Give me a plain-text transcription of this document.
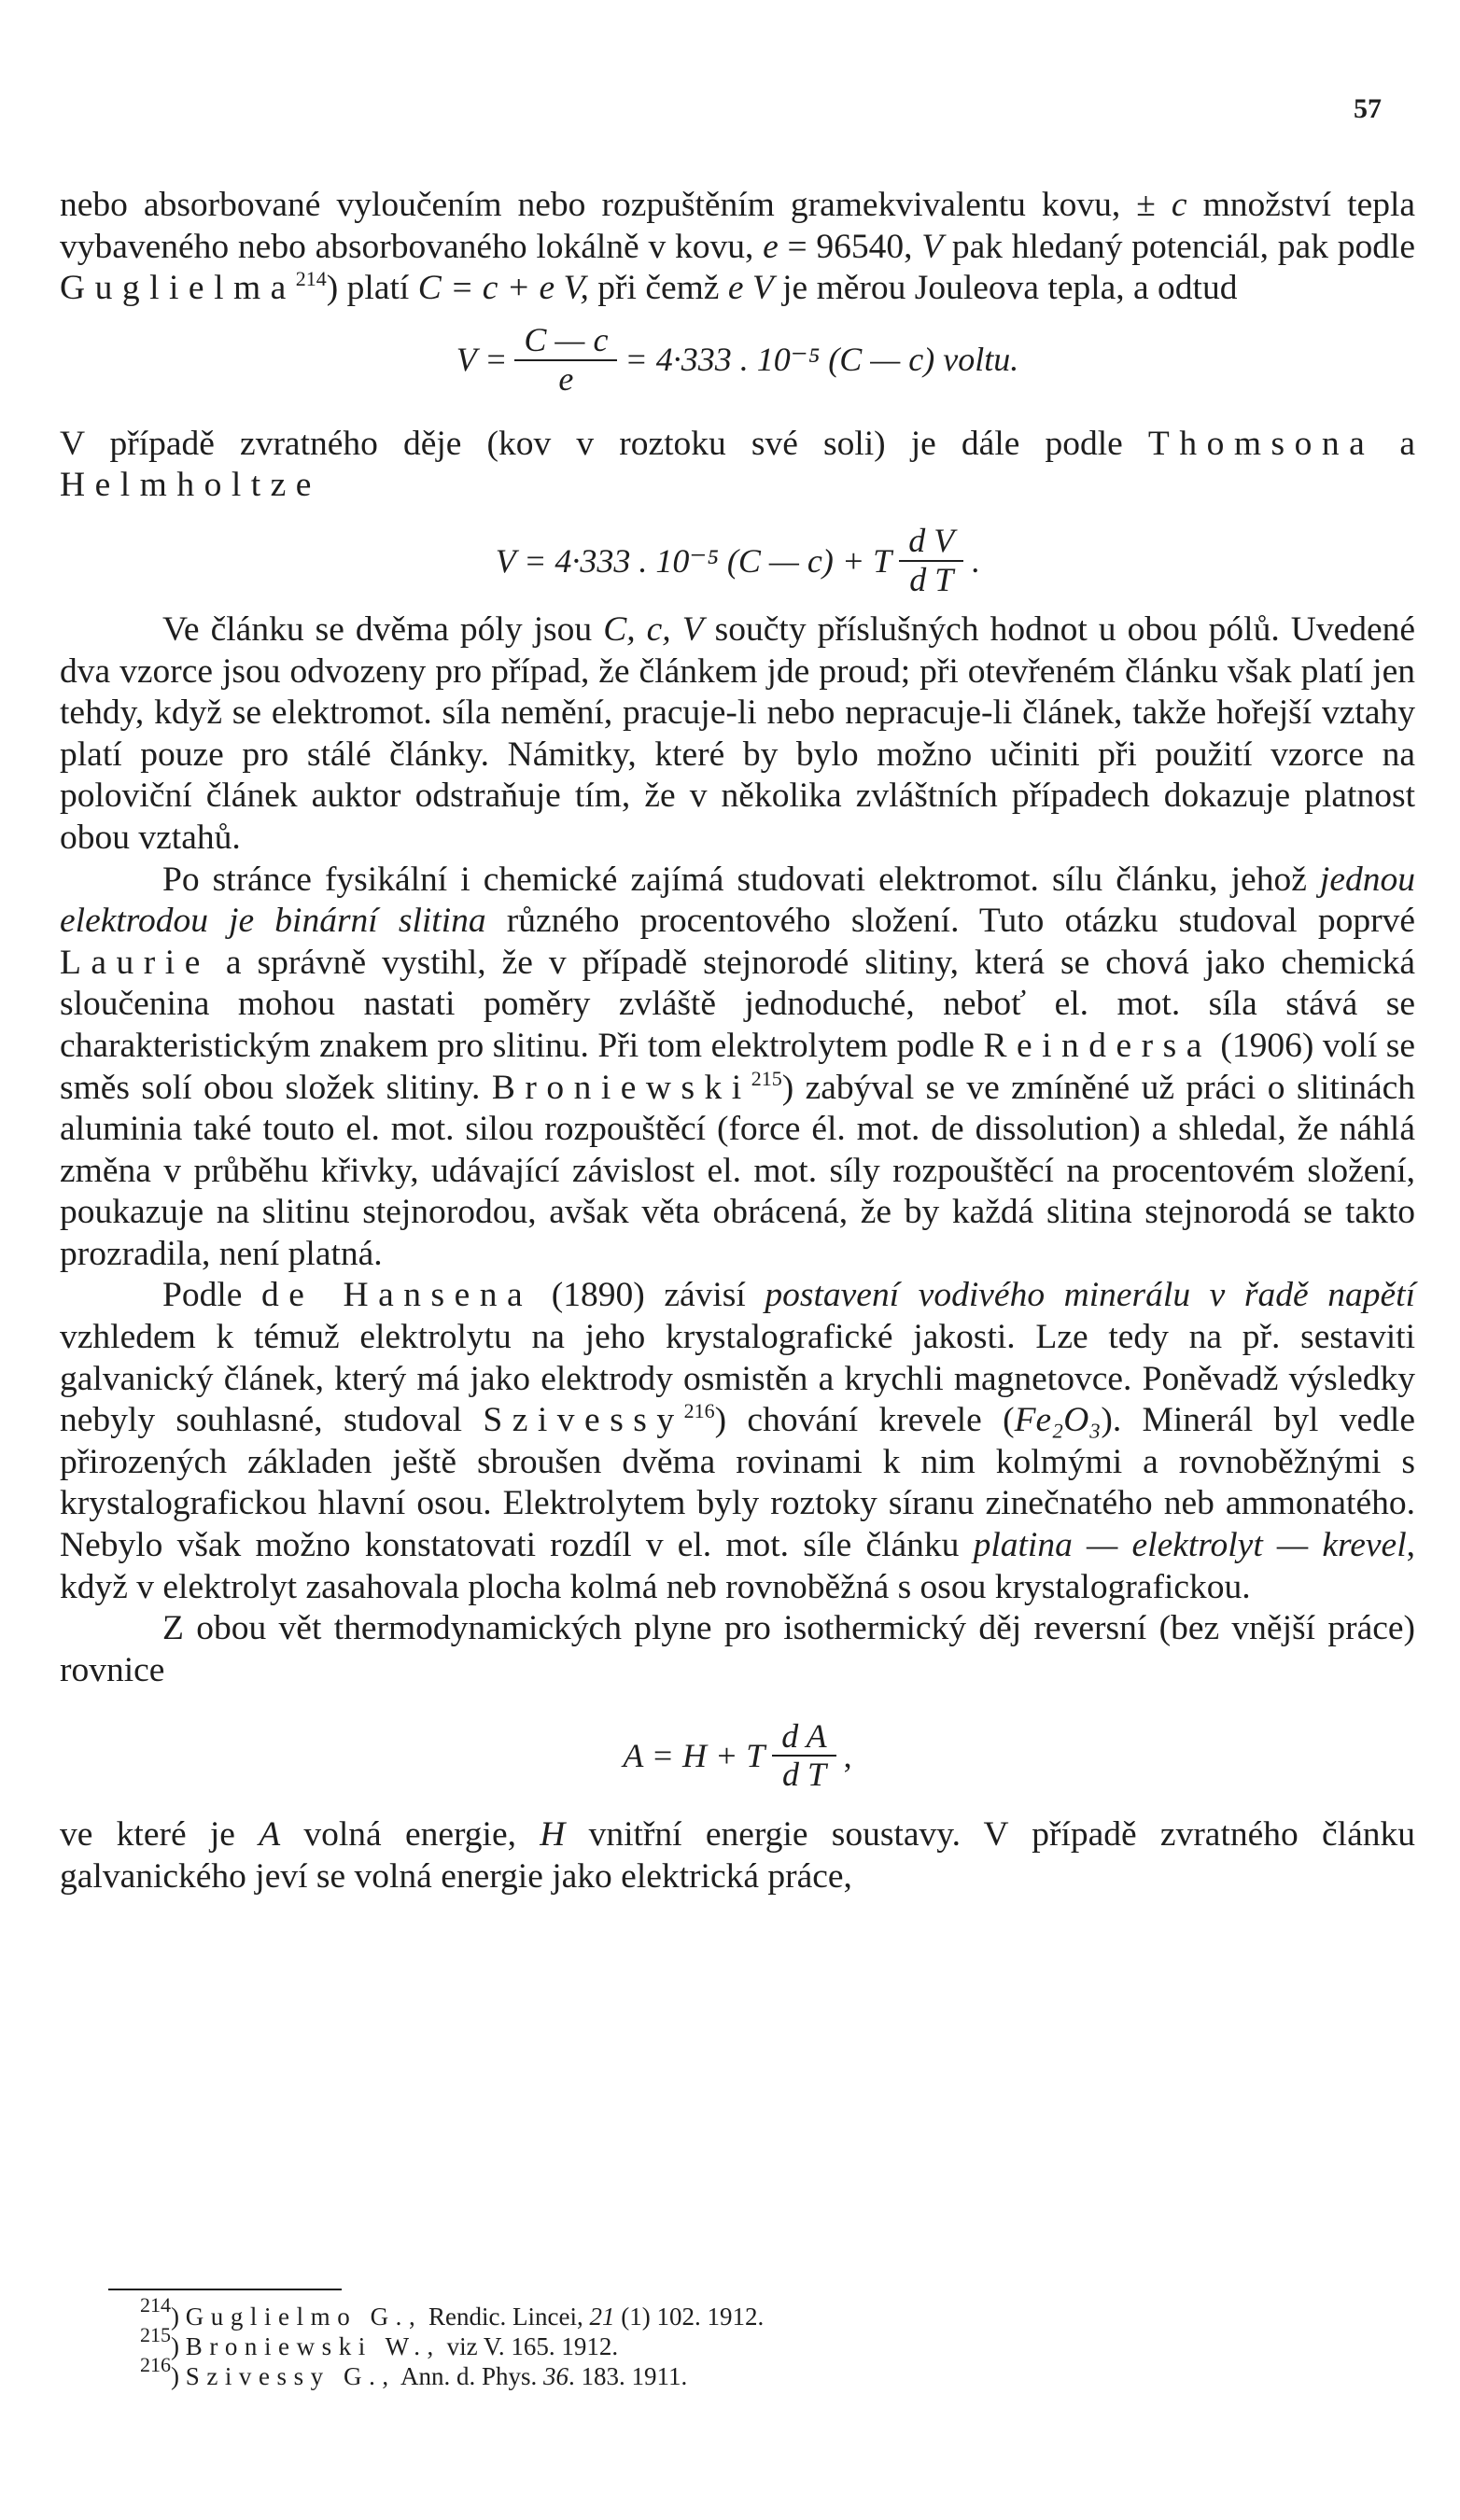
57

nebo absorbované vyloučením nebo rozpuštěním gramekvivalentu kovu, ± c množství tepla vybaveného nebo absorbovaného lokálně v kovu, e = 96540, V pak hledaný potenciál, pak podle Guglielma$^{214}$) platí C = c + e V, při čemž e V je měrou Jouleova tepla, a odtud

$V = \frac{C — c}{e} = 4\cdot 333$ . 10⁻⁵ (C — c) voltu.

V případě zvratného děje (kov v roztoku své soli) je dále podle Thomsona a Helmholtze

V = 4·333 . 10⁻⁵ (C — c) + T $\frac{\text{d V}}{\text{d T}}$ .

Ve článku se dvěma póly jsou C, c, V součty příslušných hodnot u obou pólů. Uvedené dva vzorce jsou odvozeny pro případ, že článkem jde proud; při otevřeném článku však platí jen tehdy, když se elektromot. síla nemění, pracuje-li nebo nepracuje-li článek, takže hořejší vztahy platí pouze pro stálé články. Námitky, které by bylo možno učiniti při použití vzorce na poloviční článek auktor odstraňuje tím, že v několika zvláštních případech dokazuje platnost obou vztahů.

Po stránce fysikální i chemické zajímá studovati elektromot. sílu článku, jehož jednou elektrodou je binární slitina různého procentového složení. Tuto otázku studoval poprvé Laurie a správně vystihl, že v případě stejnorodé slitiny, která se chová jako chemická sloučenina mohou nastati poměry zvláště jednoduché, neboť el. mot. síla stává se charakteristickým znakem pro slitinu. Při tom elektrolytem podle Reindersa (1906) volí se směs solí obou složek slitiny. Broniewski$^{215}$) zabýval se ve zmíněné už práci o slitinách aluminia také touto el. mot. silou rozpouštěcí (force él. mot. de dissolution) a shledal, že náhlá změna v průběhu křivky, udávající závislost el. mot. síly rozpouštěcí na procentovém složení, poukazuje na slitinu stejnorodou, avšak věta obrácená, že by každá slitina stejnorodá se takto prozradila, není platná.

Podle de Hansena (1890) závisí postavení vodivého minerálu v řadě napětí vzhledem k témuž elektrolytu na jeho krystalografické jakosti. Lze tedy na př. sestaviti galvanický článek, který má jako elektrody osmistěn a krychli magnetovce. Poněvadž výsledky nebyly souhlasné, studoval Szivessy$^{216}$) chování krevele (Fe₂O₃). Minerál byl vedle přirozených základen ještě sbroušen dvěma rovinami k nim kolmými a rovnoběžnými s krystalografickou hlavní osou. Elektrolytem byly roztoky síranu zinečnatého neb ammonatého. Nebylo však možno konstatovati rozdíl v el. mot. síle článku platina — elektrolyt — krevel, když v elektrolyt zasahovala plocha kolmá neb rovnoběžná s osou krystalografickou.

Z obou vět thermodynamických plyne pro isothermický děj reversní (bez vnější práce) rovnice

A = H + T $\frac{\text{d A}}{\text{d T}}$ ,

ve které je A volná energie, H vnitřní energie soustavy. V případě zvratného článku galvanického jeví se volná energie jako elektrická práce,

$^{214}$) Guglielmo G., Rendic. Lincei, 21 (1) 102. 1912.
$^{215}$) Broniewski W., viz V. 165. 1912.
$^{216}$) Szivessy G., Ann. d. Phys. 36. 183. 1911.
